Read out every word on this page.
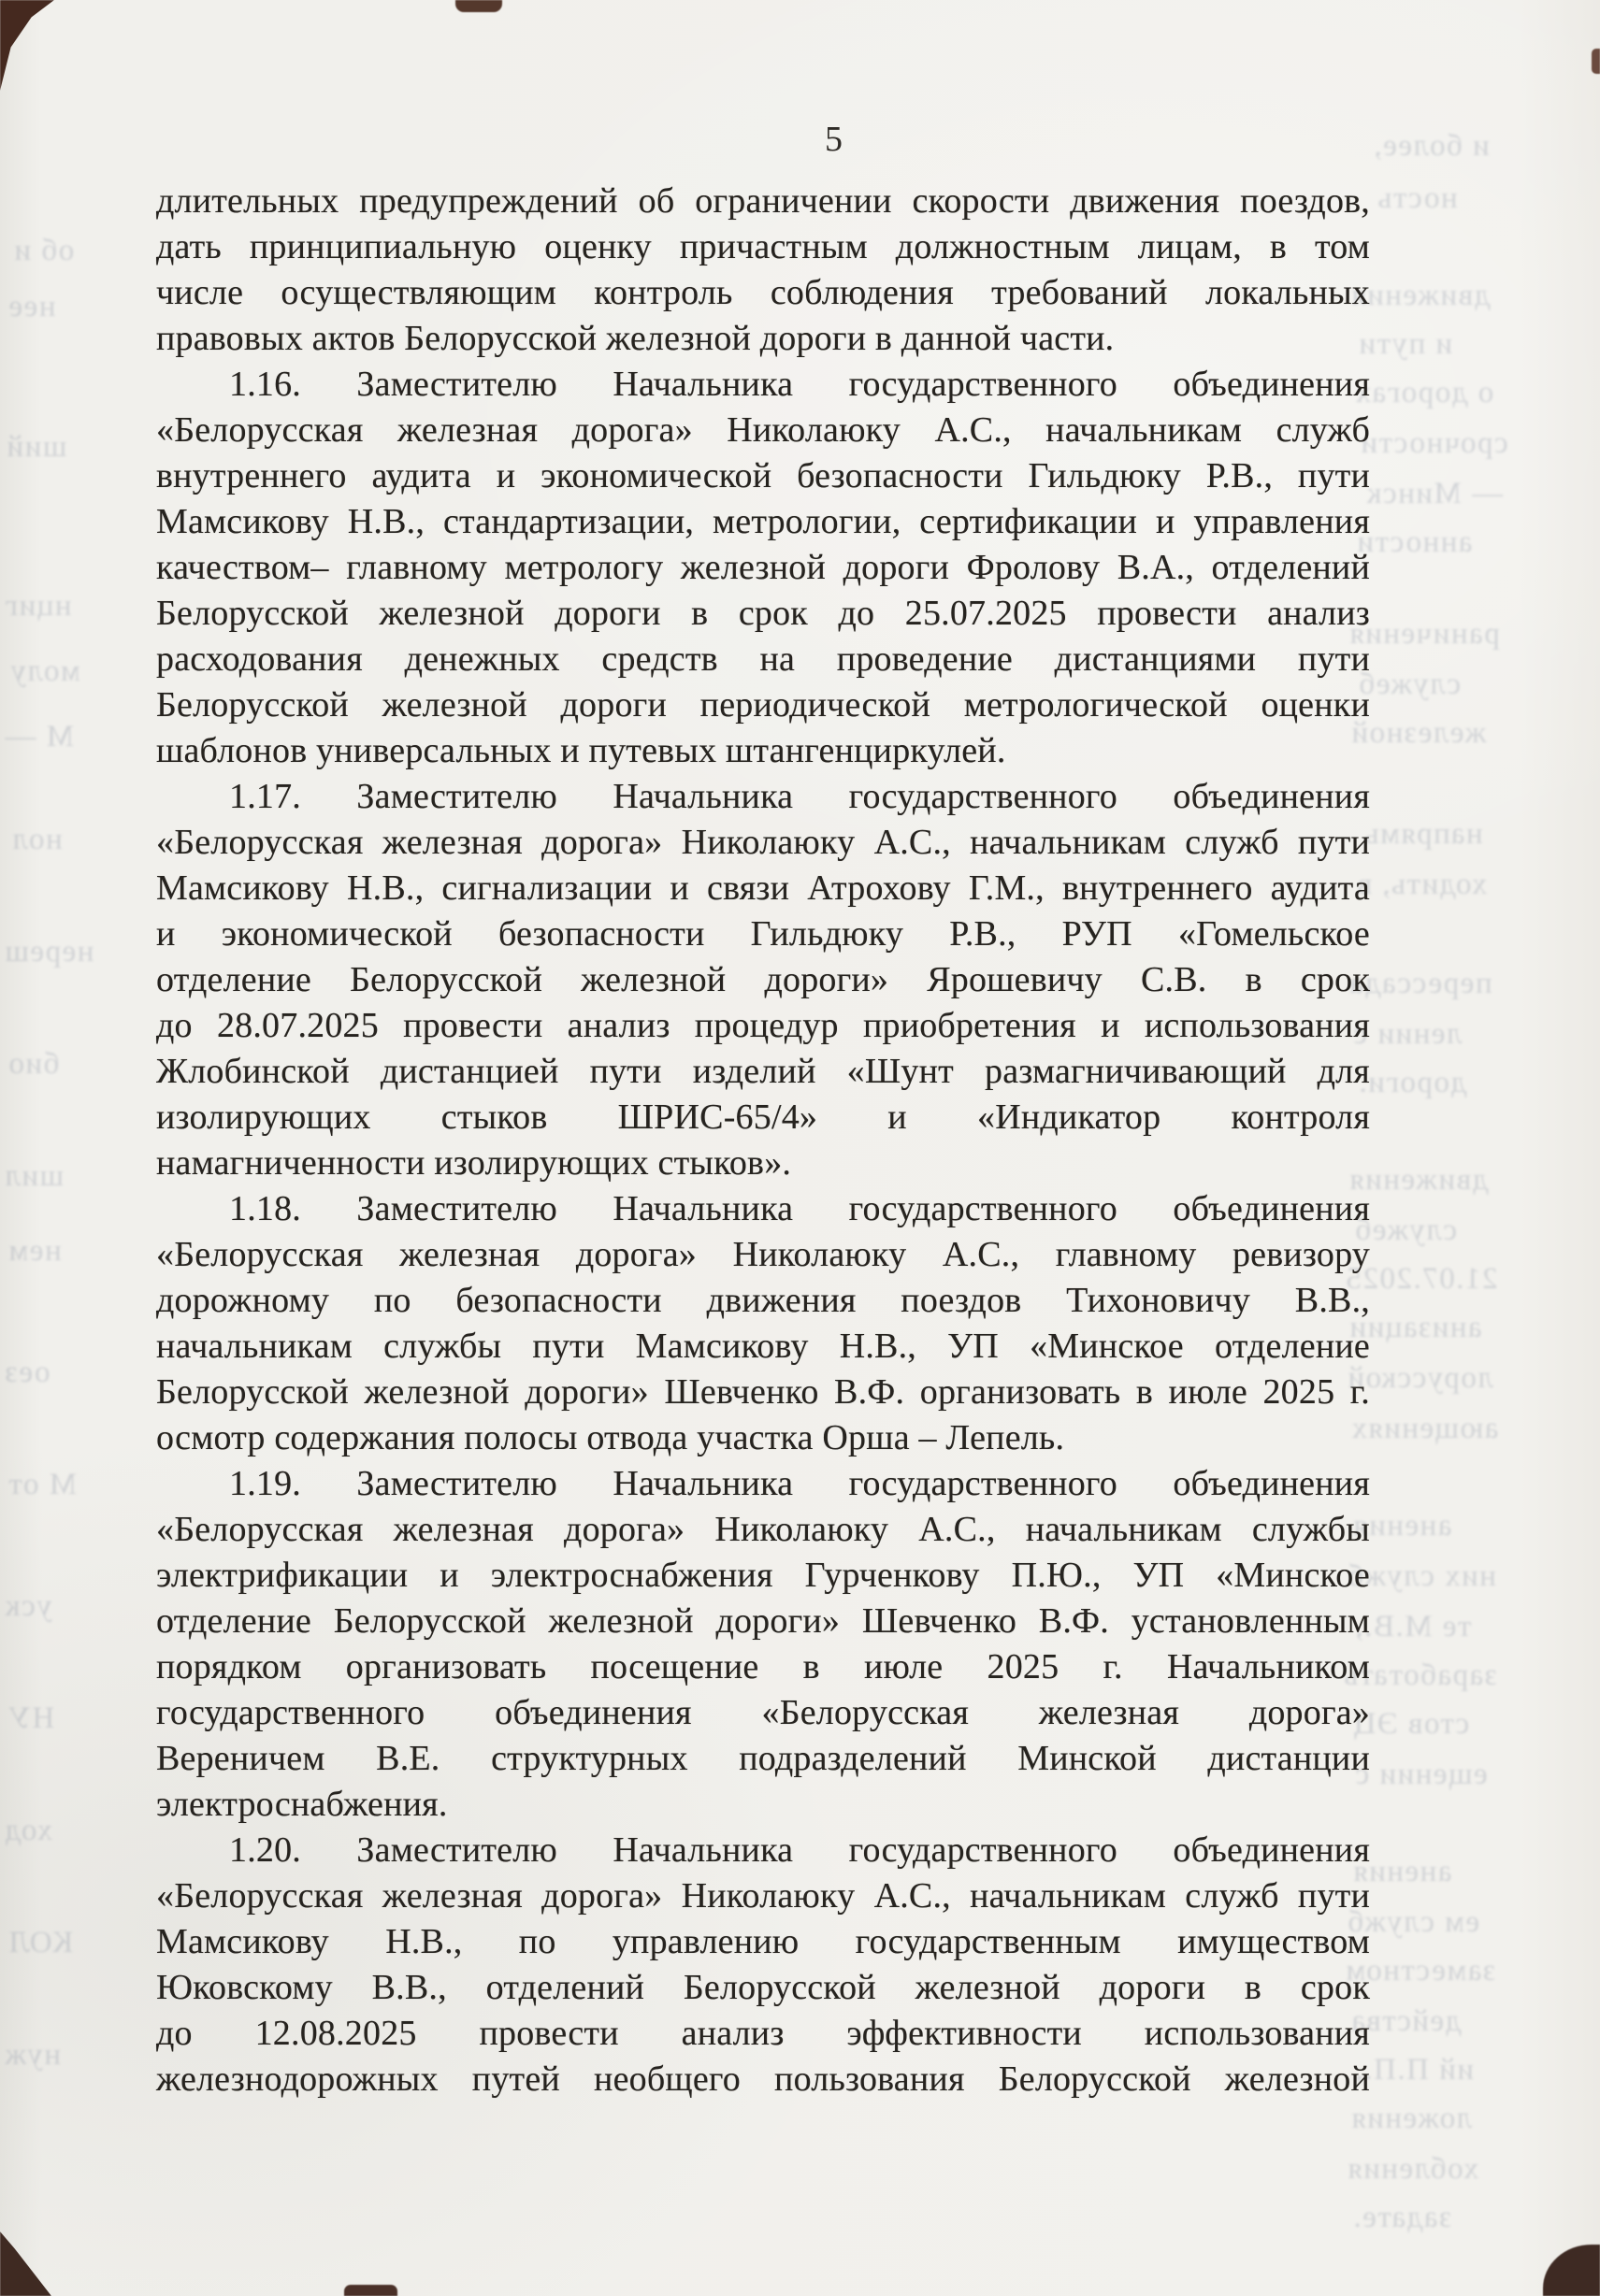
и более,
ность
движения
и пути
о дорогах
срочности
— Минск
анности
раничения
служеб
железной
напрямь
ходить, в
перессада
лении с
дороги.
движения
служеб
21.07.2025
анизации
лорусской
ающениях
анения
них служб
те М.В.,
заработать
стов ЭЦ
ещении с
анения
ем служб
заместном
действа
ий П.П.,
ложения
хобления
задате.
об и
нее
ший
нциг
молу
М —
нол
нереш
био
шил
нем
оез
М от
уск
НУ
ход
КОЛ
нуж
5

длительных предупреждений об ограничении скорости движения поездов,
дать принципиальную оценку причастным должностным лицам, в том
числе осуществляющим контроль соблюдения требований локальных
правовых актов Белорусской железной дороги в данной части.

1.16. Заместителю Начальника государственного объединения
«Белорусская железная дорога» Николаюку А.С., начальникам служб
внутреннего аудита и экономической безопасности Гильдюку Р.В., пути
Мамсикову Н.В., стандартизации, метрологии, сертификации и управления
качеством– главному метрологу железной дороги Фролову В.А., отделений
Белорусской железной дороги в срок до 25.07.2025 провести анализ
расходования денежных средств на проведение дистанциями пути
Белорусской железной дороги периодической метрологической оценки
шаблонов универсальных и путевых штангенциркулей.

1.17. Заместителю Начальника государственного объединения
«Белорусская железная дорога» Николаюку А.С., начальникам служб пути
Мамсикову Н.В., сигнализации и связи Атрохову Г.М., внутреннего аудита
и экономической безопасности Гильдюку Р.В., РУП «Гомельское
отделение Белорусской железной дороги» Ярошевичу С.В. в срок
до 28.07.2025 провести анализ процедур приобретения и использования
Жлобинской дистанцией пути изделий «Шунт размагничивающий для
изолирующих стыков ШРИС-65/4» и «Индикатор контроля
намагниченности изолирующих стыков».

1.18. Заместителю Начальника государственного объединения
«Белорусская железная дорога» Николаюку А.С., главному ревизору
дорожному по безопасности движения поездов Тихоновичу В.В.,
начальникам службы пути Мамсикову Н.В., УП «Минское отделение
Белорусской железной дороги» Шевченко В.Ф. организовать в июле 2025 г.
осмотр содержания полосы отвода участка Орша – Лепель.

1.19. Заместителю Начальника государственного объединения
«Белорусская железная дорога» Николаюку А.С., начальникам службы
электрификации и электроснабжения Гурченкову П.Ю., УП «Минское
отделение Белорусской железной дороги» Шевченко В.Ф. установленным
порядком организовать посещение в июле 2025 г. Начальником
государственного объединения «Белорусская железная дорога»
Вереничем В.Е. структурных подразделений Минской дистанции
электроснабжения.

1.20. Заместителю Начальника государственного объединения
«Белорусская железная дорога» Николаюку А.С., начальникам служб пути
Мамсикову Н.В., по управлению государственным имуществом
Юковскому В.В., отделений Белорусской железной дороги в срок
до 12.08.2025 провести анализ эффективности использования
железнодорожных путей необщего пользования Белорусской железной
